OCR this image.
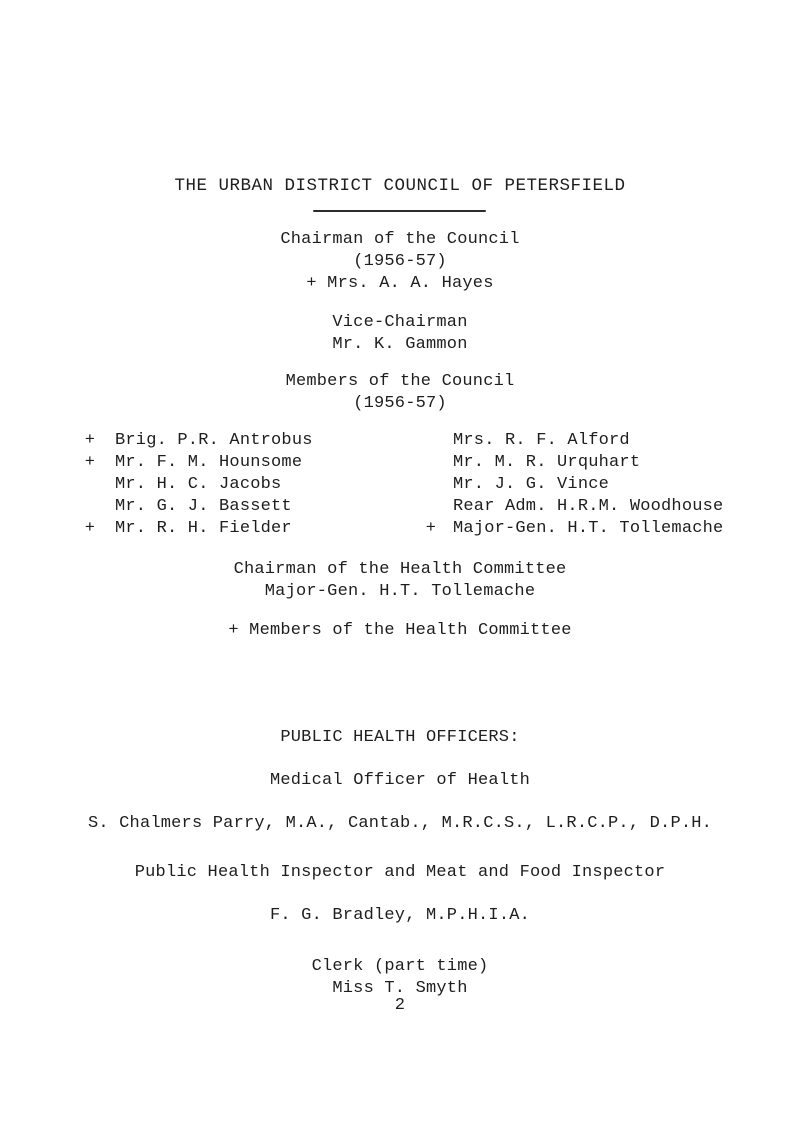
THE URBAN DISTRICT COUNCIL OF PETERSFIELD
Chairman of the Council
(1956-57)
+ Mrs. A. A. Hayes
Vice-Chairman
Mr. K. Gammon
Members of the Council
(1956-57)
+ Brig. P.R. Antrobus	Mrs. R. F. Alford
+ Mr. F. M. Hounsome	Mr. M. R. Urquhart
Mr. H. C. Jacobs	Mr. J. G. Vince
Mr. G. J. Bassett	Rear Adm. H.R.M. Woodhouse
+ Mr. R. H. Fielder	+ Major-Gen. H.T. Tollemache
Chairman of the Health Committee
Major-Gen. H.T. Tollemache
+ Members of the Health Committee
PUBLIC HEALTH OFFICERS:
Medical Officer of Health
S. Chalmers Parry, M.A., Cantab., M.R.C.S., L.R.C.P., D.P.H.
Public Health Inspector and Meat and Food Inspector
F. G. Bradley, M.P.H.I.A.
Clerk (part time)
Miss T. Smyth
2
